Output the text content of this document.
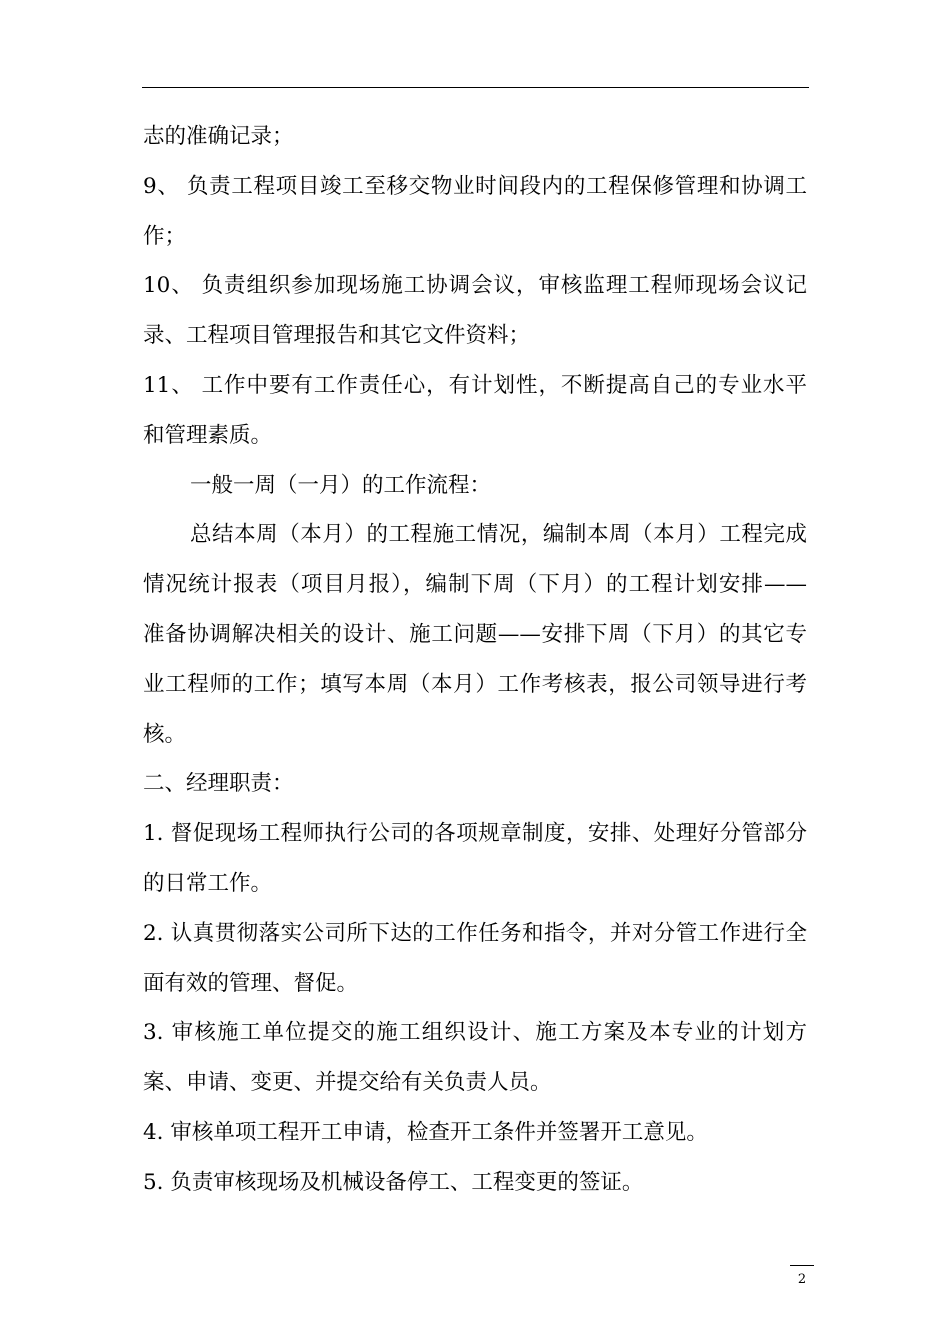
志的准确记录；
9、 负责工程项目竣工至移交物业时间段内的工程保修管理和协调工
作；
10、 负责组织参加现场施工协调会议，审核监理工程师现场会议记
录、工程项目管理报告和其它文件资料；
11、 工作中要有工作责任心，有计划性，不断提高自己的专业水平
和管理素质。
一般一周（一月）的工作流程：
总结本周（本月）的工程施工情况，编制本周（本月）工程完成
情况统计报表（项目月报），编制下周（下月）的工程计划安排——
准备协调解决相关的设计、施工问题——安排下周（下月）的其它专
业工程师的工作；填写本周（本月）工作考核表，报公司领导进行考
核。
二、经理职责：
1. 督促现场工程师执行公司的各项规章制度，安排、处理好分管部分
的日常工作。
2. 认真贯彻落实公司所下达的工作任务和指令，并对分管工作进行全
面有效的管理、督促。
3. 审核施工单位提交的施工组织设计、施工方案及本专业的计划方
案、申请、变更、并提交给有关负责人员。
4. 审核单项工程开工申请，检查开工条件并签署开工意见。
5. 负责审核现场及机械设备停工、工程变更的签证。
2
